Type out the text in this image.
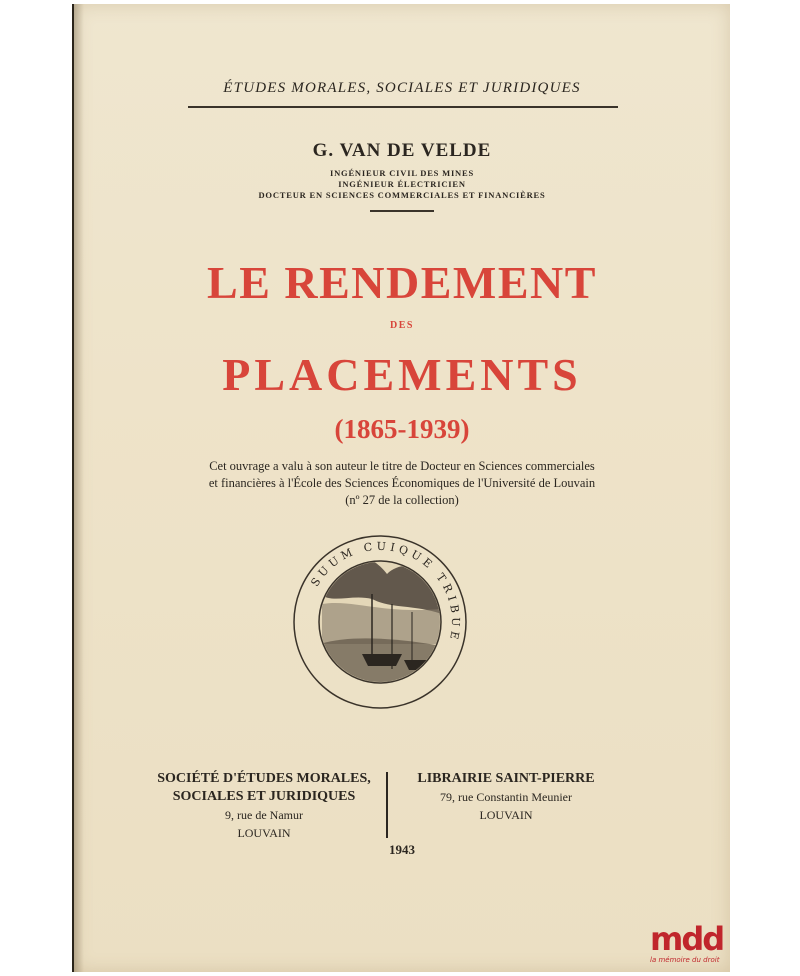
ÉTUDES MORALES, SOCIALES ET JURIDIQUES

G. VAN DE VELDE

INGÉNIEUR CIVIL DES MINES

INGÉNIEUR ÉLECTRICIEN

DOCTEUR EN SCIENCES COMMERCIALES ET FINANCIÈRES

LE RENDEMENT

DES

PLACEMENTS

(1865-1939)

Cet ouvrage a valu à son auteur le titre de Docteur en Sciences commerciales

et financières à l'École des Sciences Économiques de l'Université de Louvain

(nº 27 de la collection)

SUUM CUIQUE TRIBUE
SOCIÉTÉ D'ÉTUDES MORALES,
SOCIALES ET JURIDIQUES
9, rue de Namur
LOUVAIN
LIBRAIRIE SAINT-PIERRE
79, rue Constantin Meunier
LOUVAIN

1943

mdd
la mémoire du droit
